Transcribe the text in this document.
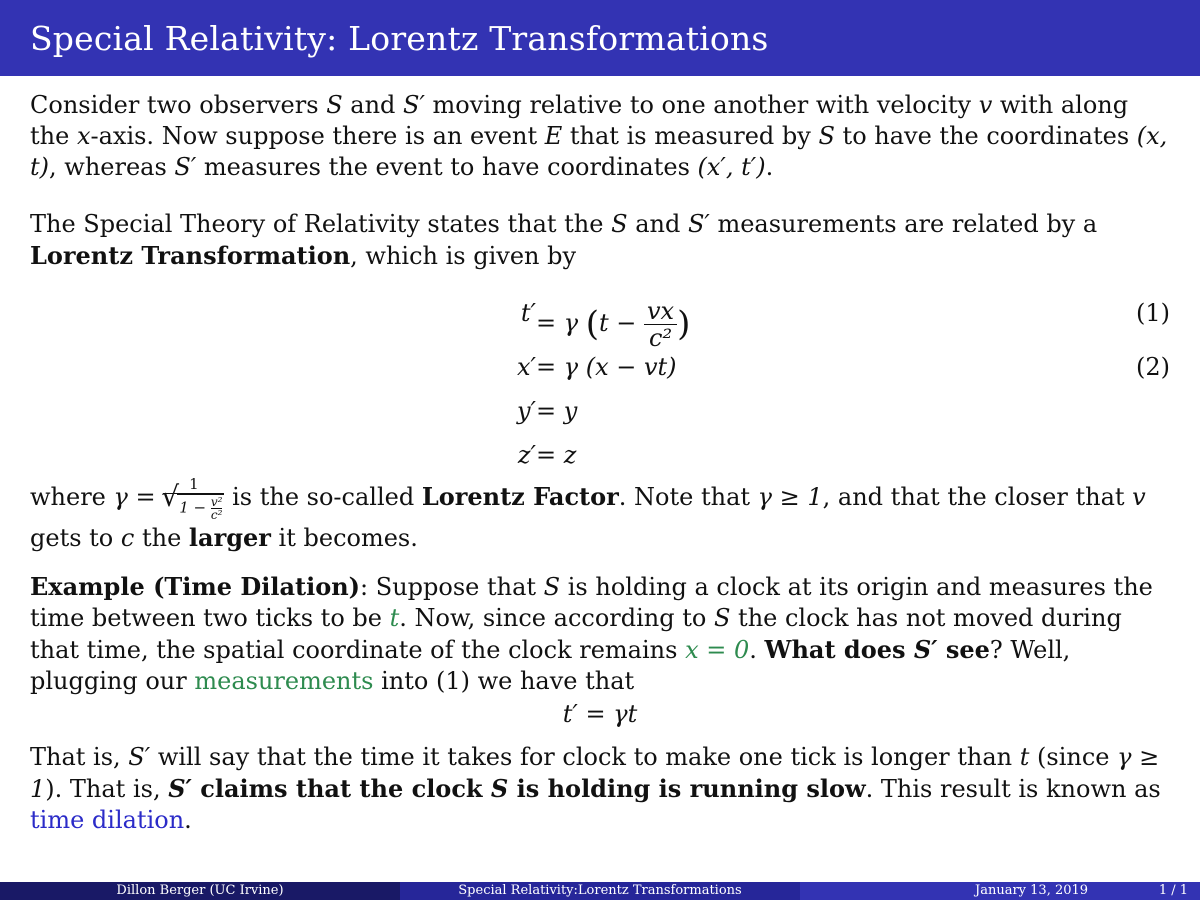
Special Relativity: Lorentz Transformations

Consider two observers S and S′ moving relative to one another with velocity v with along the x-axis. Now suppose there is an event E that is measured by S to have the coordinates (x, t), whereas S′ measures the event to have coordinates (x′, t′).

The Special Theory of Relativity states that the S and S′ measurements are related by a Lorentz Transformation, which is given by

t′ = γ ($t - \frac{vx}{\text{c²}}$ )	(1)
x′ = γ (x − vt)	(2)
y′ = y
z′ = z

where γ = 1
√ $1 - \frac{\text{v²}}{\text{c²}}$ is the so-called Lorentz Factor. Note that γ ≥ 1, and that the closer that v gets to c the larger it becomes.

Example (Time Dilation): Suppose that S is holding a clock at its origin and measures the time between two ticks to be t. Now, since according to S the clock has not moved during that time, the spatial coordinate of the clock remains x = 0. What does S′ see? Well, plugging our measurements into (1) we have that

t′ = γt

That is, S′ will say that the time it takes for clock to make one tick is longer than t (since γ ≥ 1). That is, S′ claims that the clock S is holding is running slow. This result is known as time dilation.

Dillon Berger (UC Irvine)	Special Relativity:Lorentz Transformations	January 13, 2019	1 / 1
